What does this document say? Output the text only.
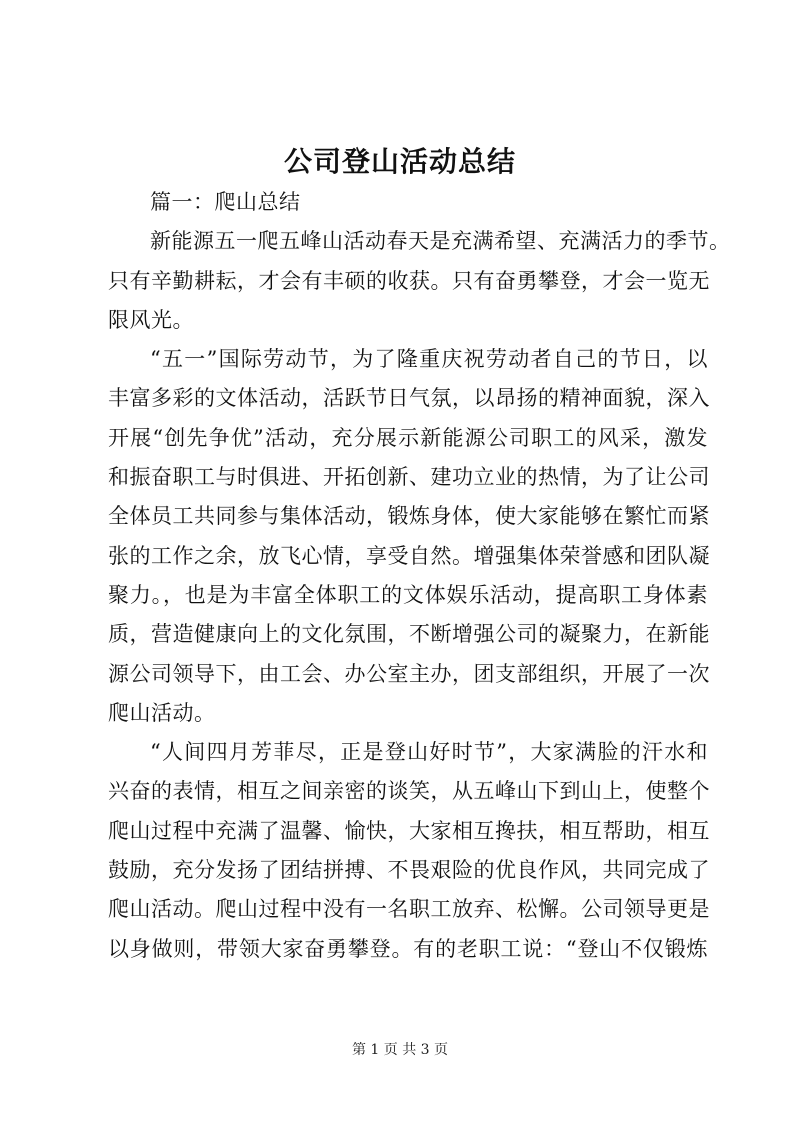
公司登山活动总结
篇一：爬山总结
新能源五一爬五峰山活动春天是充满希望、充满活力的季节。
只有辛勤耕耘，才会有丰硕的收获。只有奋勇攀登，才会一览无
限风光。
“五一”国际劳动节，为了隆重庆祝劳动者自己的节日，以
丰富多彩的文体活动，活跃节日气氛，以昂扬的精神面貌，深入
开展“创先争优”活动，充分展示新能源公司职工的风采，激发
和振奋职工与时俱进、开拓创新、建功立业的热情，为了让公司
全体员工共同参与集体活动，锻炼身体，使大家能够在繁忙而紧
张的工作之余，放飞心情，享受自然。增强集体荣誉感和团队凝
聚力。，也是为丰富全体职工的文体娱乐活动，提高职工身体素
质，营造健康向上的文化氛围，不断增强公司的凝聚力，在新能
源公司领导下，由工会、办公室主办，团支部组织，开展了一次
爬山活动。
“人间四月芳菲尽，正是登山好时节”，大家满脸的汗水和
兴奋的表情，相互之间亲密的谈笑，从五峰山下到山上，使整个
爬山过程中充满了温馨、愉快，大家相互搀扶，相互帮助，相互
鼓励，充分发扬了团结拼搏、不畏艰险的优良作风，共同完成了
爬山活动。爬山过程中没有一名职工放弃、松懈。公司领导更是
以身做则，带领大家奋勇攀登。有的老职工说：“登山不仅锻炼
第 1 页 共 3 页
